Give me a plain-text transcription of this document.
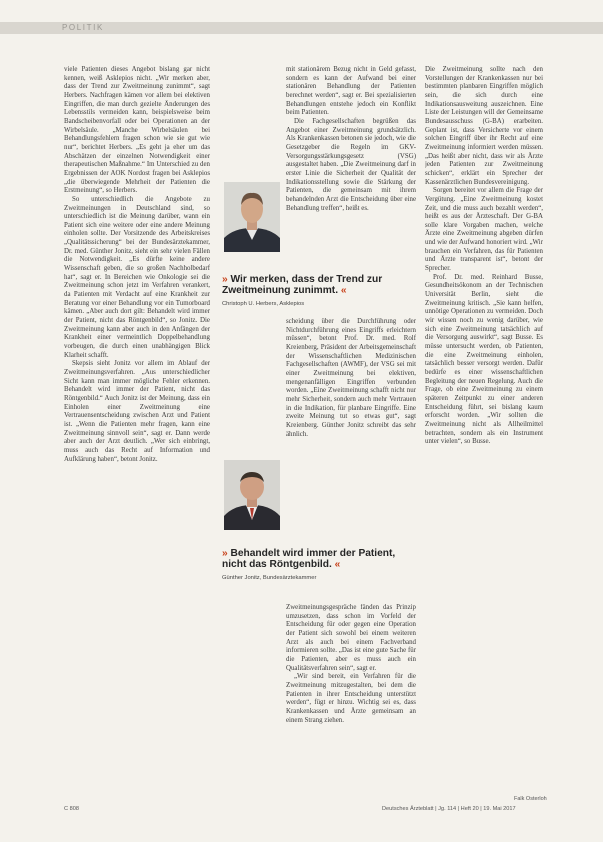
POLITIK

viele Patienten dieses Angebot bislang gar nicht kennen, weiß Asklepios nicht. „Wir merken aber, dass der Trend zur Zweitmeinung zunimmt“, sagt Herbers. Nachfragen kämen vor allem bei elektiven Eingriffen, die man durch gezielte Änderungen des Lebensstils vermeiden kann, beispielsweise beim Bandscheibenvorfall oder bei Operationen an der Wirbelsäule. „Manche Wirbelsäulen bei Behandlungsfehlern fragen schon wie sie gut wie nur“, berichtet Herbers. „Es geht ja eher um das Abschätzen der einzelnen Notwendigkeit einer therapeutischen Maßnahme.“ Im Unterschied zu den Ergebnissen der AOK Nordost fragen bei Asklepios „die überwiegende Mehrheit der Patienten die Erstmeinung“, so Herbers.

So unterschiedlich die Angebote zu Zweitmeinungen in Deutschland sind, so unterschiedlich ist die Meinung darüber, wann ein Patient sich eine weitere oder eine andere Meinung einholen sollte. Der Vorsitzende des Arbeitskreises „Qualitätssicherung“ bei der Bundesärztekammer, Dr. med. Günther Jonitz, sieht ein sehr vielen Fällen die Notwendigkeit. „Es dürfte keine andere Wissenschaft geben, die so großen Nachholbedarf hat“, sagt er. In Bereichen wie Onkologie sei die Zweitmeinung schon jetzt im Verfahren verankert, da Patienten mit Verdacht auf eine Krankheit zur Beratung vor einer Behandlung vor ein Tumorboard kämen. „Aber auch dort gilt: Behandelt wird immer der Patient, nicht das Röntgenbild“, so Jonitz. Die Zweitmeinung kann aber auch in den Anfängen der Krankheit einer vermeintlich Doppelbehandlung vorbeugen, die durch einen unabhängigen Blick Klarheit schafft.

Skepsis sieht Jonitz vor allem im Ablauf der Zweitmeinungsverfahren. „Aus unterschiedlicher Sicht kann man immer mögliche Fehler erkennen. Behandelt wird immer der Patient, nicht das Röntgenbild.“ Auch Jonitz ist der Meinung, dass ein Einholen einer Zweitmeinung eine Vertrauensentscheidung zwischen Arzt und Patient ist. „Wenn die Patienten mehr fragen, kann eine Zweitmeinung sinnvoll sein“, sagt er. Dann werde aber auch der Arzt deutlich. „Wer sich einbringt, muss auch das Recht auf Information und Aufklärung haben“, betont Jonitz.

mit stationärem Bezug nicht in Geld gefasst, sondern es kann der Aufwand bei einer stationären Behandlung der Patienten berechnet werden“, sagt er. Bei spezialisierten Behandlungen entstehe jedoch ein Konflikt beim Patienten.

Die Fachgesellschaften begrüßen das Angebot einer Zweitmeinung grundsätzlich. Als Krankenkassen betonen sie jedoch, wie die Gesetzgeber die Regeln im GKV-Versorgungsstärkungsgesetz (VSG) ausgestaltet haben. „Die Zweitmeinung darf in erster Linie die Sicherheit der Qualität der Indikationsstellung sowie die Stärkung der Patienten, die gemeinsam mit ihrem behandelnden Arzt die Entscheidung über eine Behandlung treffen“, heißt es.

» Wir merken, dass der Trend zur Zweitmeinung zunimmt. «
Christoph U. Herbers, Asklepios

scheidung über die Durchführung oder Nichtdurchführung eines Eingriffs erleichtern müssen“, betont Prof. Dr. med. Rolf Kreienberg, Präsident der Arbeitsgemeinschaft der Wissenschaftlichen Medizinischen Fachgesellschaften (AWMF), der VSG sei mit einer Zweitmeinung bei elektiven, mengenanfälligen Eingriffen verbunden worden. „Eine Zweitmeinung schafft nicht nur mehr Sicherheit, sondern auch mehr Vertrauen in die Indikation, für planbare Eingriffe. Eine zweite Meinung tut so etwas gut“, sagt Kreienberg. Günther Jonitz schreibt das sehr ähnlich.

» Behandelt wird immer der Patient, nicht das Röntgenbild. «
Günther Jonitz, Bundesärztekammer

Zweitmeinungsgespräche fänden das Prinzip umzusetzen, dass schon im Vorfeld der Entscheidung für oder gegen eine Operation der Patient sich sowohl bei einem weiteren Arzt als auch bei einem Fachverband informieren sollte. „Das ist eine gute Sache für die Patienten, aber es muss auch ein Qualitätsverfahren sein“, sagt er.

„Wir sind bereit, ein Verfahren für die Zweitmeinung mitzugestalten, bei dem die Patienten in ihrer Entscheidung unterstützt werden“, fügt er hinzu. Wichtig sei es, dass Krankenkassen und Ärzte gemeinsam an einem Strang ziehen.

Die Zweitmeinung sollte nach den Vorstellungen der Krankenkassen nur bei bestimmten planbaren Eingriffen möglich sein, die sich durch eine Indikationsausweitung auszeichnen. Eine Liste der Leistungen will der Gemeinsame Bundesausschuss (G-BA) erarbeiten. Geplant ist, dass Versicherte vor einem solchen Eingriff über ihr Recht auf eine Zweitmeinung informiert werden müssen. „Das heißt aber nicht, dass wir als Ärzte jeden Patienten zur Zweitmeinung schicken“, erklärt ein Sprecher der Kassenärztlichen Bundesvereinigung.

Sorgen bereitet vor allem die Frage der Vergütung. „Eine Zweitmeinung kostet Zeit, und die muss auch bezahlt werden“, heißt es aus der Ärzteschaft. Der G-BA solle klare Vorgaben machen, welche Ärzte eine Zweitmeinung abgeben dürfen und wie der Aufwand honoriert wird. „Wir brauchen ein Verfahren, das für Patienten und Ärzte transparent ist“, betont der Sprecher.

Prof. Dr. med. Reinhard Busse, Gesundheitsökonom an der Technischen Universität Berlin, sieht die Zweitmeinung kritisch. „Sie kann helfen, unnötige Operationen zu vermeiden. Doch wir wissen noch zu wenig darüber, wie sich eine Zweitmeinung tatsächlich auf die Versorgung auswirkt“, sagt Busse. Es müsse untersucht werden, ob Patienten, die eine Zweitmeinung einholen, tatsächlich besser versorgt werden. Dafür bedürfe es einer wissenschaftlichen Begleitung der neuen Regelung. Auch die Frage, ob eine Zweitmeinung zu einem späteren Zeitpunkt zu einer anderen Entscheidung führt, sei bislang kaum erforscht worden. „Wir sollten die Zweitmeinung nicht als Allheilmittel betrachten, sondern als ein Instrument unter vielen“, so Busse.

Falk Osterloh
C 808	Deutsches Ärzteblatt | Jg. 114 | Heft 20 | 19. Mai 2017
